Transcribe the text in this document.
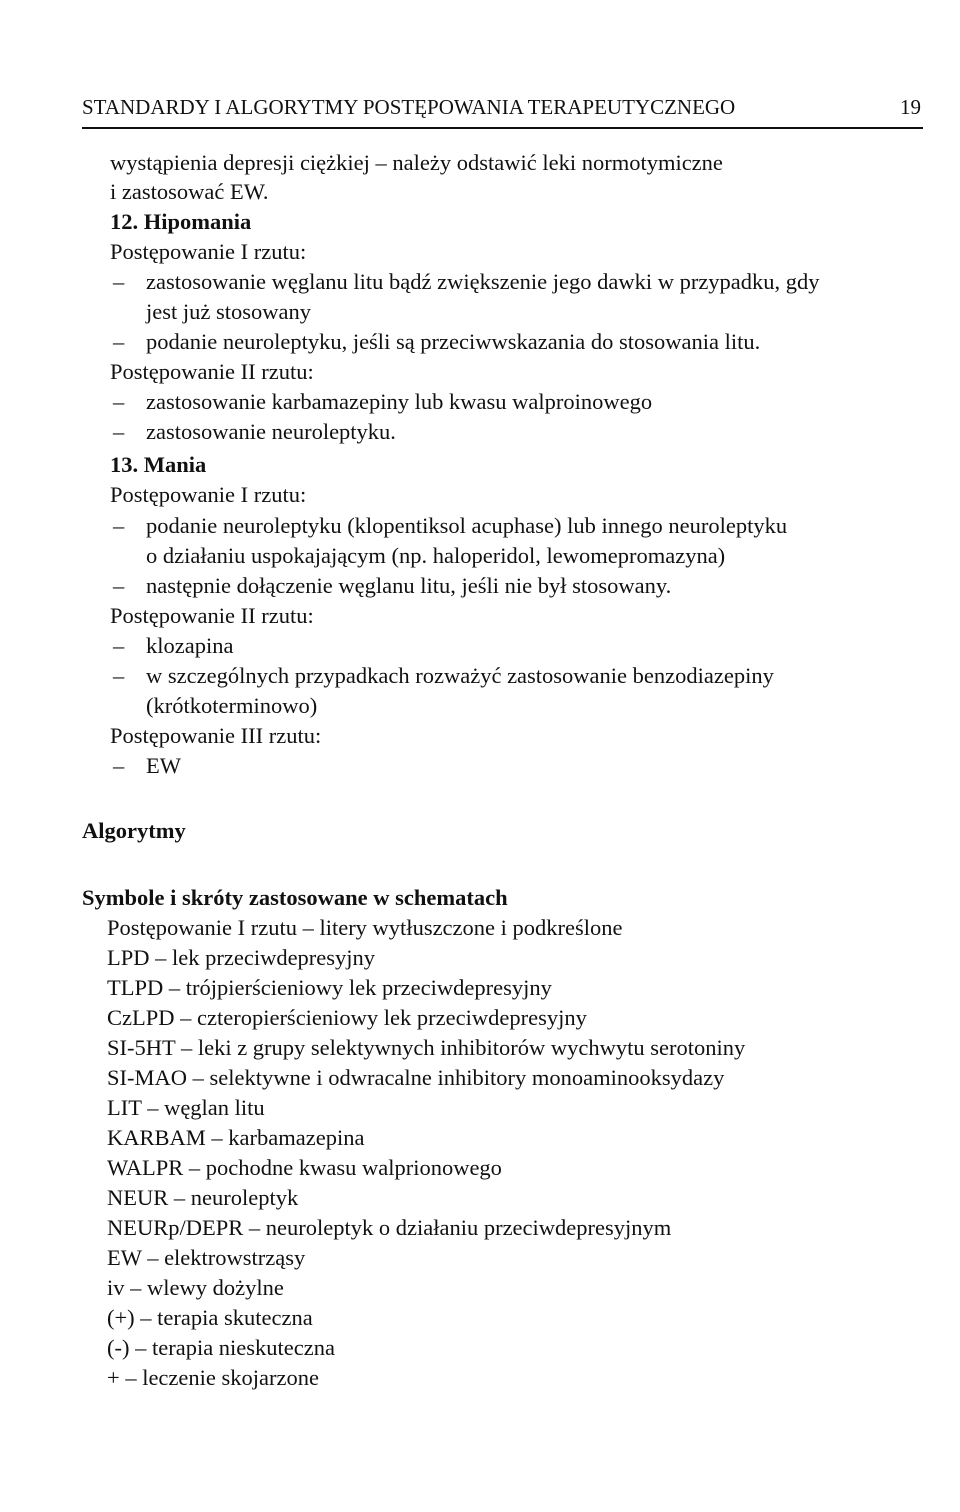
STANDARDY I ALGORYTMY POSTĘPOWANIA TERAPEUTYCZNEGO	19
wystąpienia depresji ciężkiej – należy odstawić leki normotymiczne
i zastosować EW.
12. Hipomania
Postępowanie I rzutu:
– zastosowanie węglanu litu bądź zwiększenie jego dawki w przypadku, gdy
jest już stosowany
– podanie neuroleptyku, jeśli są przeciwwskazania do stosowania litu.
Postępowanie II rzutu:
– zastosowanie karbamazepiny lub kwasu walproinowego
– zastosowanie neuroleptyku.
13. Mania
Postępowanie I rzutu:
– podanie neuroleptyku (klopentiksol acuphase) lub innego neuroleptyku
o działaniu uspokajającym (np. haloperidol, lewomepromazyna)
– następnie dołączenie węglanu litu, jeśli nie był stosowany.
Postępowanie II rzutu:
– klozapina
– w szczególnych przypadkach rozważyć zastosowanie benzodiazepiny
(krótkoterminowo)
Postępowanie III rzutu:
– EW
Algorytmy
Symbole i skróty zastosowane w schematach
Postępowanie I rzutu – litery wytłuszczone i podkreślone
LPD – lek przeciwdepresyjny
TLPD – trójpierścieniowy lek przeciwdepresyjny
CzLPD – czteropierścieniowy lek przeciwdepresyjny
SI-5HT – leki z grupy selektywnych inhibitorów wychwytu serotoniny
SI-MAO – selektywne i odwracalne inhibitory monoaminooksydazy
LIT – węglan litu
KARBAM – karbamazepina
WALPR – pochodne kwasu walprionowego
NEUR – neuroleptyk
NEURp/DEPR – neuroleptyk o działaniu przeciwdepresyjnym
EW – elektrowstrząsy
iv – wlewy dożylne
(+) – terapia skuteczna
(-) – terapia nieskuteczna
+ – leczenie skojarzone
